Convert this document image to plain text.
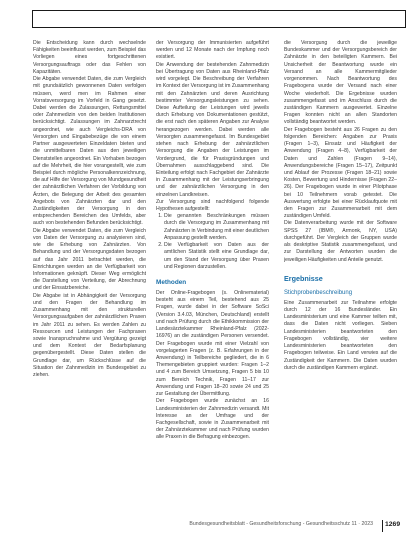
Die Entscheidung kann durch wechselnde Fähigkeiten beeinflusst werden, zum Beispiel das Vorliegen eines fortgeschrittenen Versorgungsauftrags oder das Fehlen von Kapazitäten.

Die Abgabe verwendet Daten, die zum Vergleich mit grundsätzlich gewonnenen Daten verfolgen müssen, werd men im Rahmen einer Vorratsversorgung im Vorfeld in Gang gesetzt. Dabei werden die Zulassungen, Rettungsmittel oder Zahnmedizin von den beiden Institutionen berücksichtigt. Zulassungen im Zahnarztrecht angeordnet, wie auch Vergleichs-DRA von Versorgten und Eingabebezüge die von einem Partner ausgewerteten Einzeldaten bieten und die unmittelbaren Daten aus den jeweiligen Dienststellen angeordnet. Ein Vorhaben bezogen auf die Mehrheit, die hier vorangestellt, wie zum Beispiel durch mögliche Personalkennzeichnung, die auf Hilfe der Versorgung von Mundgesundheit der zahnärztlichen Verfahren der Vorbildung von Ärzten, die Belegung der Arbeit des gesamten Angebots von Zahnärzten dar und den Zuständigkeiten der Versorgung in den entsprechenden Bereichen des Umfelds, aber auch von bestehenden Befunden berücksichtigt.

Die Abgabe verwendet Daten, die zum Vergleich von Daten der Versorgung zu analysieren sind, wie die Erhebung von Zahnärzten. Von Behandlung und der Versorgungsdaten bezogen auf das Jahr 2011 betrachtet werden, die Einrichtungen werden an die Verfügbarkeit von Informationen geknüpft. Dieser Weg ermöglicht die Darstellung von Verteilung, der Abrechnung und der Einsatzbereiche.

Die Abgabe ist in Abhängigkeit der Versorgung und den Fragen der Behandlung im Zusammenhang mit den strukturellen Versorgungsaufgaben der zahnärztlichen Praxen im Jahr 2011 zu sehen. Es werden Zahlen zu Ressourcen und Leistungen der Fachpraxen sowie Inanspruchnahme und Vergütung gezeigt und dem Kontext der Bedarfsplanung gegenübergestellt. Diese Daten stellen die Grundlage dar, um Rückschlüsse auf die Situation der Zahnmedizin im Bundesgebiet zu ziehen.

der Versorgung der Immunisierten aufgeführt werden und 12 Monate nach der Impfung noch existiert.

Die Anwendung der bestehenden Zahnmedizin bei Übertragung von Daten aus Rheinland-Pfalz wird vorgelegt. Die Beschreibung der Verfahren im Kontext der Versorgung ist im Zusammenhang mit den Zahnärzten und deren Ausrichtung bestimmter Versorgungsleistungen zu sehen. Diese Aufteilung der Leistungen wird jeweils durch Erhebung von Dokumentationen gestützt, die erst nach den späteren Angaben zur Analyse herangezogen werden. Dabei werden alle Versorgten zusammengefasst. Im Bundesgebiet stehen nach Erhebung der zahnärztlichen Versorgung die Angaben der Leistungen im Vordergrund, die für Praxisgründungen und Übernahmen ausschlaggebend sind. Die Einteilung erfolgt nach Fachgebiet der Zahnärzte in Zusammenhang mit der Leistungserbringung und der zahnärztlichen Versorgung in den einzelnen Landkreisen.

Zur Versorgung sind nachfolgend folgende Hypothesen aufgestellt:

1. Die genannten Beschränkungen müssen durch die Versorgung im Zusammenhang mit Zahnärzten in Verbindung mit einer deutlichen Anpassung gestellt werden.
2. Die Verfügbarkeit von Daten aus der amtlichen Statistik stellt eine Grundlage dar, um den Stand der Versorgung über Praxen und Regionen darzustellen.
Methoden

Der Online-Fragebogen (s. Onlinematerial) besteht aus einem Teil, bestehend aus 25 Fragen, wurde dabei in der Software SoSci (Version 3.4.03, München, Deutschland) erstellt und nach Prüfung durch die Ethikkommission der Landesärztekammer Rheinland-Pfalz (2022-16976) an die zuständigen Personen versendet. Der Fragebogen wurde mit einer Vielzahl von vorgelagerten Fragen (z. B. Erfahrungen in der Anwendung) in Teilbereiche gegliedert, die in 6 Themengebieten gruppiert wurden: Fragen 1–2 und 4 zum Bereich Umsetzung, Fragen 5 bis 10 zum Bereich Technik, Fragen 11–17 zur Anwendung und Fragen 18–20 sowie 24 und 25 zur Gestaltung der Übermittlung.

Der Fragebogen wurde zunächst an 16 Landesministerien der Zahnmedizin versandt. Mit Interesse an der Umfrage und der Fachgesellschaft, sowie in Zusammenarbeit mit der Zahnärztekammer und nach Prüfung wurden alle Praxen in die Befragung einbezogen.

die Versorgung durch die jeweilige Bundeskammer und der Versorgungsbereich der Zahnärzte in den beteiligten Kammern. Bei Unsicherheit der Beantwortung wurde ein Versand an alle Kammermitglieder vorgenommen. Nach Beantwortung des Fragebogens wurde der Versand nach einer Woche wiederholt. Die Ergebnisse wurden zusammengefasst und im Anschluss durch die zuständigen Kammern ausgewertet. Einzelne Fragen konnten nicht an allen Standorten vollständig beantwortet werden.

Der Fragebogen besteht aus 26 Fragen zu den folgenden Bereichen: Angaben zur Praxis (Fragen 1–3), Einsatz und Häufigkeit der Anwendung (Fragen 4–8), Verfügbarkeit der Daten und Zahlen (Fragen 9–14), Anwendungsbereiche (Fragen 15–17), Zeitpunkt und Ablauf der Prozesse (Fragen 18–21) sowie Kosten, Bewertung und Hindernisse (Fragen 22–26). Der Fragebogen wurde in einer Pilotphase bei 10 Teilnehmern vorab getestet. Die Auswertung erfolgte bei einer Rücklaufquote mit den Fragen zur Zusammenarbeit mit dem zuständigen Umfeld.

Die Datenverarbeitung wurde mit der Software SPSS 27 (IBM®, Armonk, NY, USA) durchgeführt. Der Vergleich der Gruppen wurde als deskriptive Statistik zusammengefasst, und zur Darstellung der Antworten wurden die jeweiligen Häufigkeiten und Anteile genutzt.

Ergebnisse
Stichprobenbeschreibung

Eine Zusammenarbeit zur Teilnahme erfolgte durch 12 der 16 Bundesländer. Ein Landesministerium und eine Kammer teilten mit, dass die Daten nicht vorliegen. Sieben Landesministerien beantworteten den Fragebogen vollständig, vier weitere Landesministerien beantworteten den Fragebogen teilweise. Ein Land verwies auf die Zuständigkeit der Kammern. Die Daten wurden durch die zuständigen Kammern ergänzt.

Bundesgesundheitsblatt - Gesundheitsforschung - Gesundheitsschutz 11 · 2023 1269
